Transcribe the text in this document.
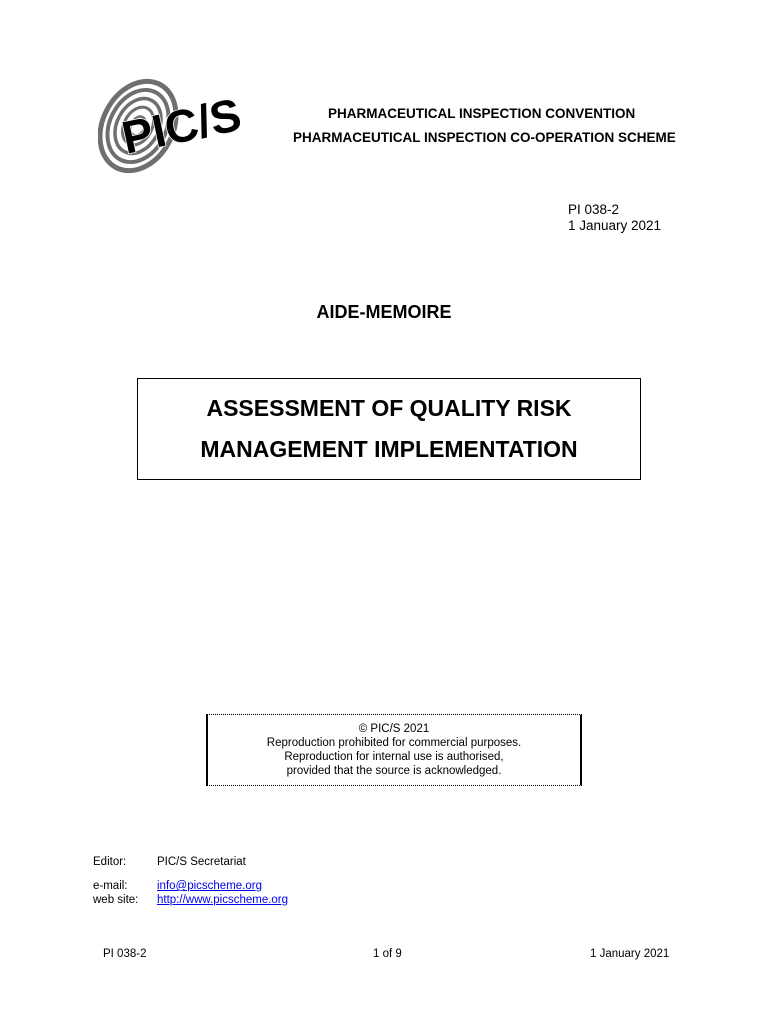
PIC/S	PHARMACEUTICAL INSPECTION CONVENTION
PHARMACEUTICAL INSPECTION CO-OPERATION SCHEME
PI 038-2
1 January 2021
AIDE-MEMOIRE
ASSESSMENT OF QUALITY RISK
MANAGEMENT IMPLEMENTATION
© PIC/S 2021
Reproduction prohibited for commercial purposes.
Reproduction for internal use is authorised,
provided that the source is acknowledged.
Editor:	PIC/S Secretariat
e-mail:	info@picscheme.org
web site: http://www.picscheme.org
PI 038-2	1 of 9	1 January 2021
